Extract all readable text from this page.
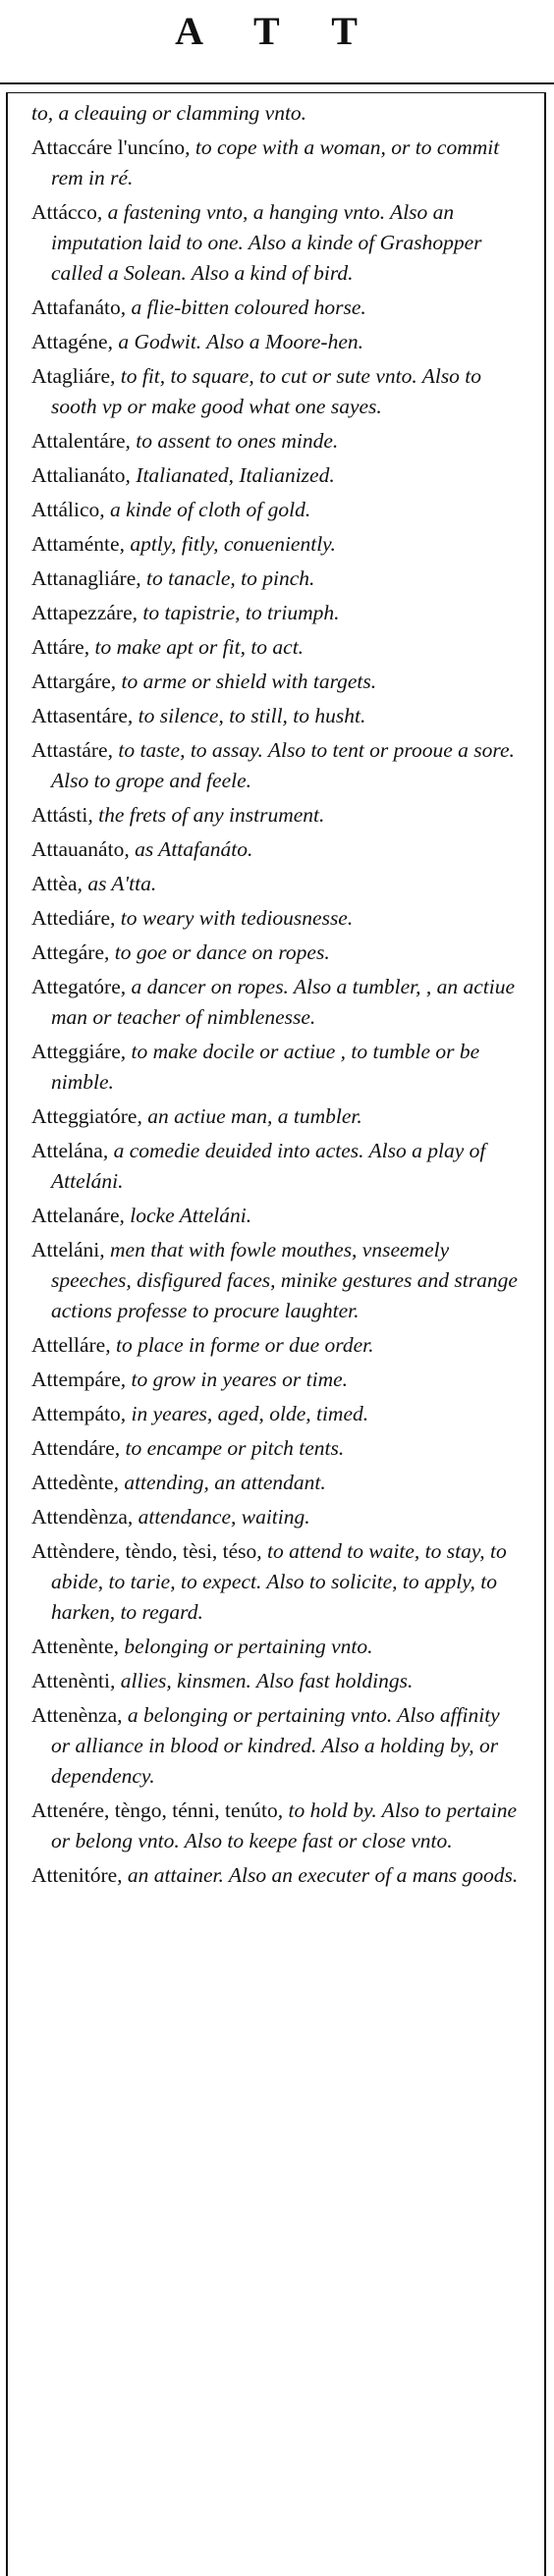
A T T
to, a cleauing or clamming vnto.
Attaccáre l'uncíno, to cope with a woman, or to commit rem in ré.
Attácco, a fastening vnto, a hanging vnto. Also an imputation laid to one. Also a kinde of Grashopper called a Solean. Also a kind of bird.
Attafanáto, a flie-bitten coloured horse.
Attagéne, a Godwit. Also a Moore-hen.
Atagliáre, to fit, to square, to cut or sute vnto. Also to sooth vp or make good what one sayes.
Attalentáre, to assent to ones minde.
Attalianáto, Italianated, Italianized.
Attálico, a kinde of cloth of gold.
Attaménte, aptly, fitly, conueniently.
Attanagliáre, to tanacle, to pinch.
Attapezzáre, to tapistrie, to triumph.
Attáre, to make apt or fit, to act.
Attargáre, to arme or shield with targets.
Attasentáre, to silence, to still, to husht.
Attastáre, to taste, to assay. Also to tent or prooue a sore. Also to grope and feele.
Attásti, the frets of any instrument.
Attauanáto, as Attafanáto.
Attèa, as A'tta.
Attediáre, to weary with tediousnesse.
Attegáre, to goe or dance on ropes.
Attegatóre, a dancer on ropes. Also a tumbler, , an actiue man or teacher of nimblenesse.
Atteggiáre, to make docile or actiue , to tumble or be nimble.
Atteggiatóre, an actiue man, a tumbler.
Attelána, a comedie deuided into actes. Also a play of Atteláni.
Attelanáre, locke Atteláni.
Atteláni, men that with fowle mouthes, vnseemely speeches, disfigured faces, minike gestures and strange actions professe to procure laughter.
Attelláre, to place in forme or due order.
Attempáre, to grow in yeares or time.
Attempáto, in yeares, aged, olde, timed.
Attendáre, to encampe or pitch tents.
Attedènte, attending, an attendant.
Attendènza, attendance, waiting.
Attèndere, tèndo, tèsi, téso, to attend to waite, to stay, to abide, to tarie, to expect. Also to solicite, to apply, to harken, to regard.
Attenènte, belonging or pertaining vnto.
Attenènti, allies, kinsmen. Also fast holdings.
Attenènza, a belonging or pertaining vnto. Also affinity or alliance in blood or kindred. Also a holding by, or dependency.
Attenére, tèngo, ténni, tenúto, to hold by. Also to pertaine or belong vnto. Also to keepe fast or close vnto.
Attenitóre, an attainer. Also an executer of a mans goods.
